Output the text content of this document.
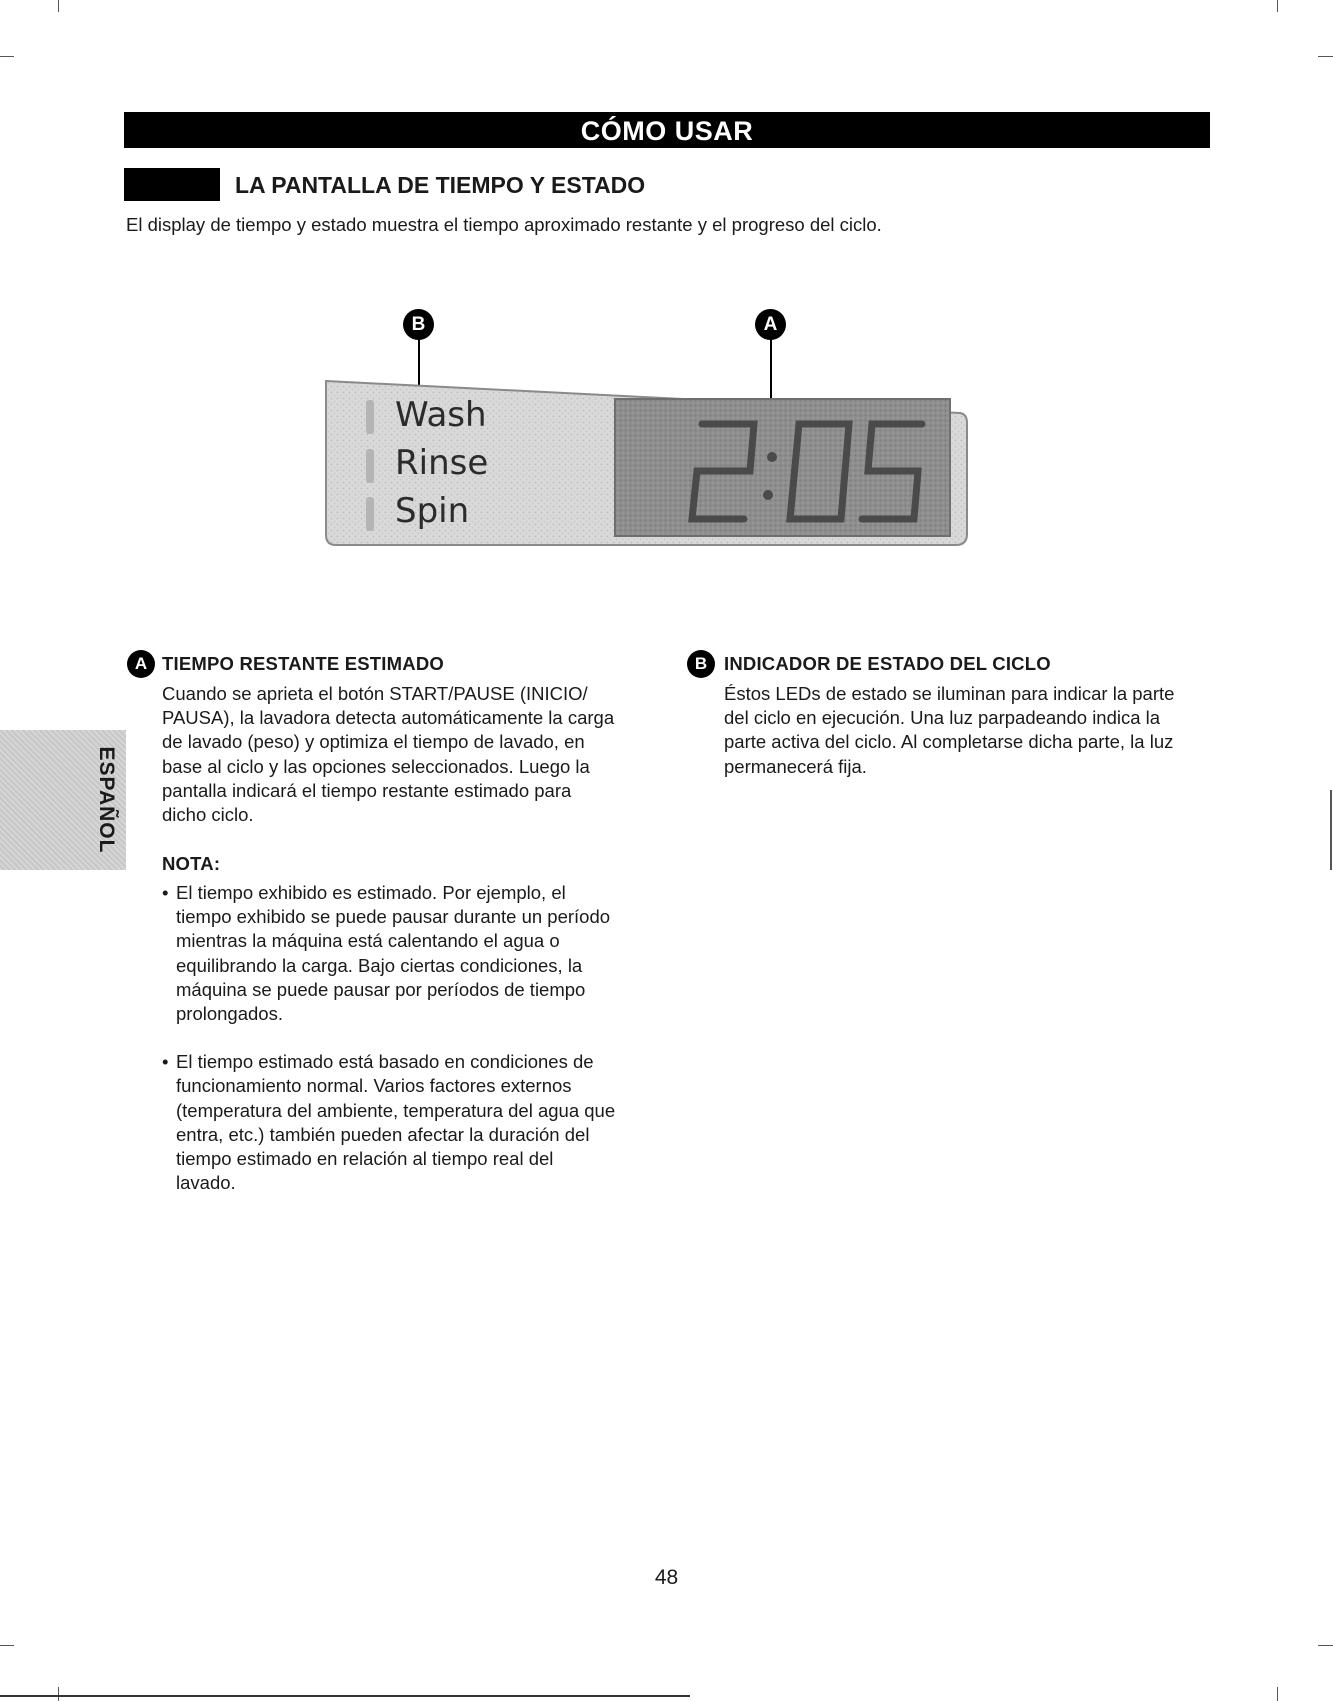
CÓMO USAR
LA PANTALLA DE TIEMPO Y ESTADO
El display de tiempo y estado muestra el tiempo aproximado restante y el progreso del ciclo.
B	A
Wash
Rinse
Spin
A TIEMPO RESTANTE ESTIMADO
Cuando se aprieta el botón START/PAUSE (INICIO/
PAUSA), la lavadora detecta automáticamente la carga
de lavado (peso) y optimiza el tiempo de lavado, en
base al ciclo y las opciones seleccionados. Luego la
pantalla indicará el tiempo restante estimado para
dicho ciclo.
NOTA:
• El tiempo exhibido es estimado. Por ejemplo, el
tiempo exhibido se puede pausar durante un período
mientras la máquina está calentando el agua o
equilibrando la carga. Bajo ciertas condiciones, la
máquina se puede pausar por períodos de tiempo
prolongados.
• El tiempo estimado está basado en condiciones de
funcionamiento normal. Varios factores externos
(temperatura del ambiente, temperatura del agua que
entra, etc.) también pueden afectar la duración del
tiempo estimado en relación al tiempo real del
lavado.
B INDICADOR DE ESTADO DEL CICLO
Éstos LEDs de estado se iluminan para indicar la parte
del ciclo en ejecución. Una luz parpadeando indica la
parte activa del ciclo. Al completarse dicha parte, la luz
permanecerá fija.
ESPAÑOL
48
